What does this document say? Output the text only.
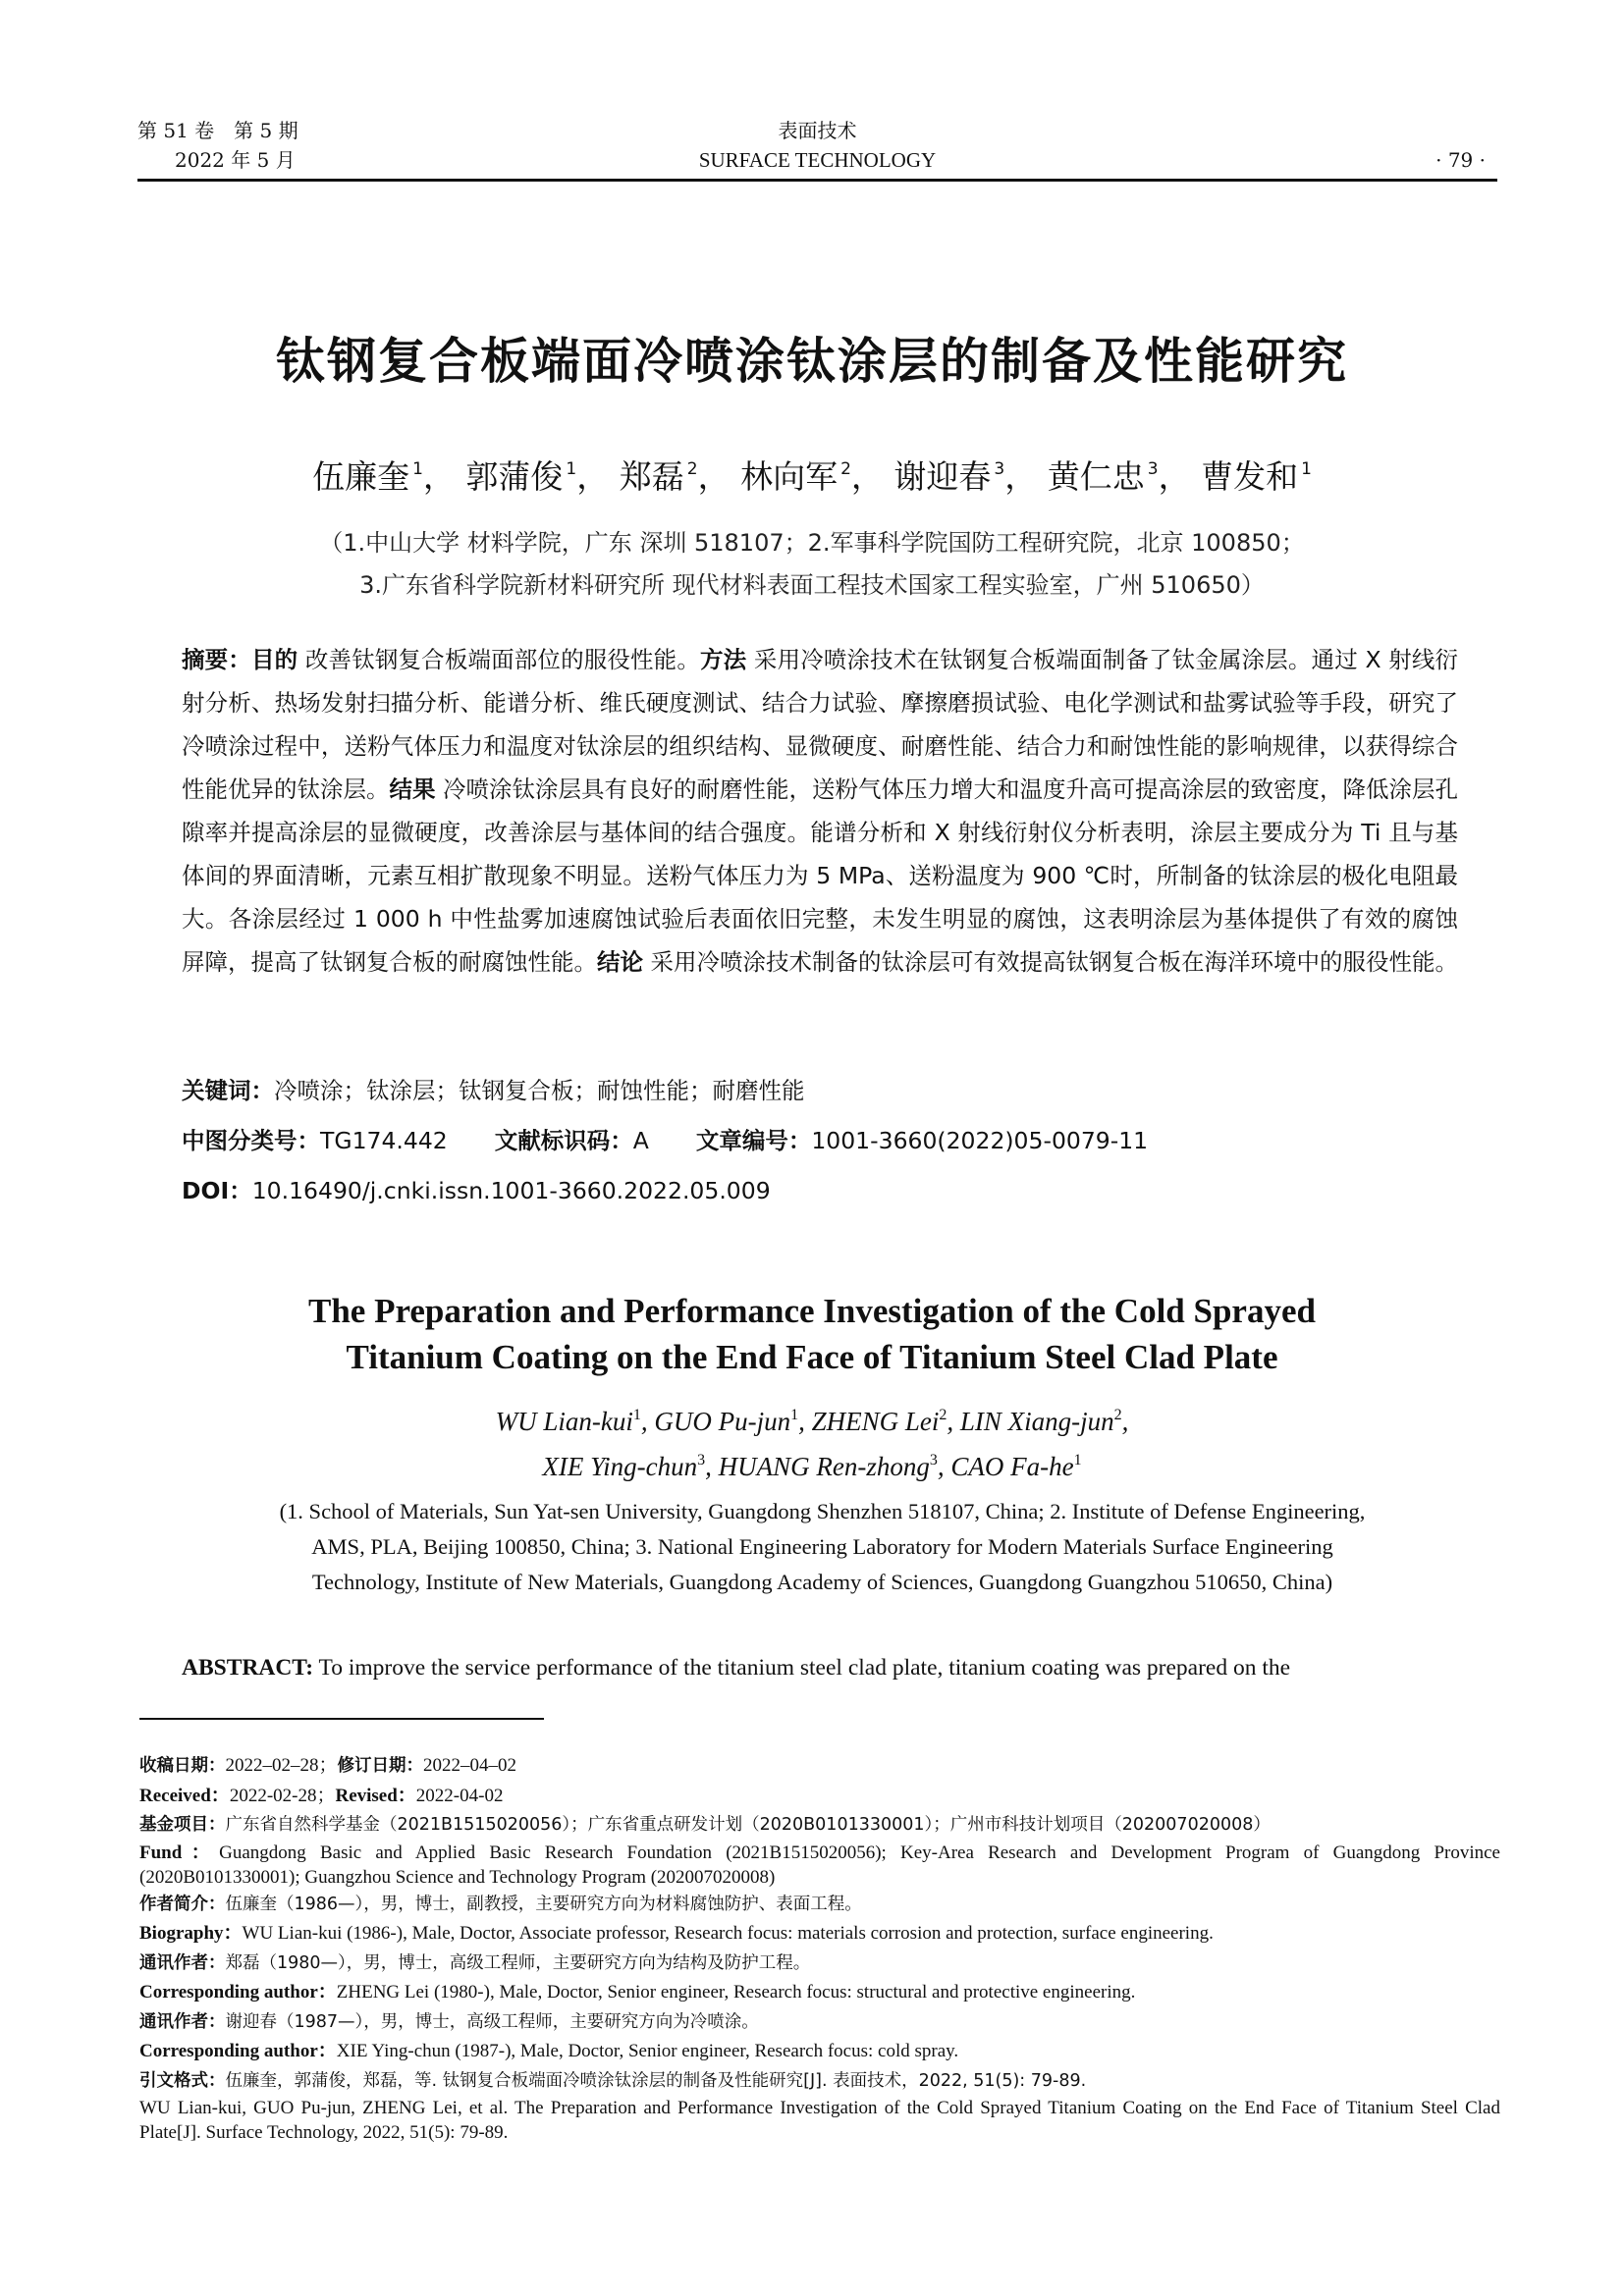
第 51 卷　第 5 期
2022 年 5 月
表面技术
SURFACE TECHNOLOGY	· 79 ·
钛钢复合板端面冷喷涂钛涂层的制备及性能研究
伍廉奎 $^1$， 郭蒲俊 $^1$， 郑磊 $^2$， 林向军 $^2$， 谢迎春 $^3$， 黄仁忠 $^3$， 曹发和 $^1$
（1.中山大学 材料学院，广东 深圳 518107；2.军事科学院国防工程研究院，北京 100850；
3.广东省科学院新材料研究所 现代材料表面工程技术国家工程实验室，广州 510650）
摘要：目的 改善钛钢复合板端面部位的服役性能。方法 采用冷喷涂技术在钛钢复合板端面制备了钛金属涂层。通过 X 射线衍射分析、热场发射扫描分析、能谱分析、维氏硬度测试、结合力试验、摩擦磨损试验、电化学测试和盐雾试验等手段，研究了冷喷涂过程中，送粉气体压力和温度对钛涂层的组织结构、显微硬度、耐磨性能、结合力和耐蚀性能的影响规律，以获得综合性能优异的钛涂层。结果 冷喷涂钛涂层具有良好的耐磨性能，送粉气体压力增大和温度升高可提高涂层的致密度，降低涂层孔隙率并提高涂层的显微硬度，改善涂层与基体间的结合强度。能谱分析和 X 射线衍射仪分析表明，涂层主要成分为 Ti 且与基体间的界面清晰，元素互相扩散现象不明显。送粉气体压力为 5 MPa、送粉温度为 900 ℃时，所制备的钛涂层的极化电阻最大。各涂层经过 1 000 h 中性盐雾加速腐蚀试验后表面依旧完整，未发生明显的腐蚀，这表明涂层为基体提供了有效的腐蚀屏障，提高了钛钢复合板的耐腐蚀性能。结论 采用冷喷涂技术制备的钛涂层可有效提高钛钢复合板在海洋环境中的服役性能。
关键词：冷喷涂；钛涂层；钛钢复合板；耐蚀性能；耐磨性能
中图分类号：TG174.442 文献标识码：A 文章编号：1001-3660(2022)05-0079-11
DOI：10.16490/j.cnki.issn.1001-3660.2022.05.009
The Preparation and Performance Investigation of the Cold Sprayed
Titanium Coating on the End Face of Titanium Steel Clad Plate
WU Lian-kui$^1$, GUO Pu-jun$^1$, ZHENG Lei$^2$, LIN Xiang-jun$^2$,
XIE Ying-chun$^3$, HUANG Ren-zhong$^3$, CAO $Fa-he^1$
(1. School of Materials, Sun Yat-sen University, Guangdong Shenzhen 518107, China; 2. Institute of Defense Engineering,
AMS, PLA, Beijing 100850, China; 3. National Engineering Laboratory for Modern Materials Surface Engineering
Technology, Institute of New Materials, Guangdong Academy of Sciences, Guangdong Guangzhou 510650, China)
ABSTRACT: To improve the service performance of the titanium steel clad plate, titanium coating was prepared on the

收稿日期：2022–02–28；修订日期：2022–04–02

Received：2022-02-28；Revised：2022-04-02

基金项目：广东省自然科学基金（2021B1515020056）；广东省重点研发计划（2020B0101330001）；广州市科技计划项目（202007020008）

Fund：Guangdong Basic and Applied Basic Research Foundation (2021B1515020056); Key-Area Research and Development Program of Guangdong Province (2020B0101330001); Guangzhou Science and Technology Program (202007020008)

作者简介：伍廉奎（1986—），男，博士，副教授，主要研究方向为材料腐蚀防护、表面工程。

Biography：WU Lian-kui (1986-), Male, Doctor, Associate professor, Research focus: materials corrosion and protection, surface engineering.

通讯作者：郑磊（1980—），男，博士，高级工程师，主要研究方向为结构及防护工程。

Corresponding author：ZHENG Lei (1980-), Male, Doctor, Senior engineer, Research focus: structural and protective engineering.

通讯作者：谢迎春（1987—），男，博士，高级工程师，主要研究方向为冷喷涂。

Corresponding author：XIE Ying-chun (1987-), Male, Doctor, Senior engineer, Research focus: cold spray.

引文格式：伍廉奎，郭蒲俊，郑磊，等. 钛钢复合板端面冷喷涂钛涂层的制备及性能研究[J]. 表面技术，2022, 51(5): 79-89.

WU Lian-kui, GUO Pu-jun, ZHENG Lei, et al. The Preparation and Performance Investigation of the Cold Sprayed Titanium Coating on the End Face of Titanium Steel Clad Plate[J]. Surface Technology, 2022, 51(5): 79-89.
